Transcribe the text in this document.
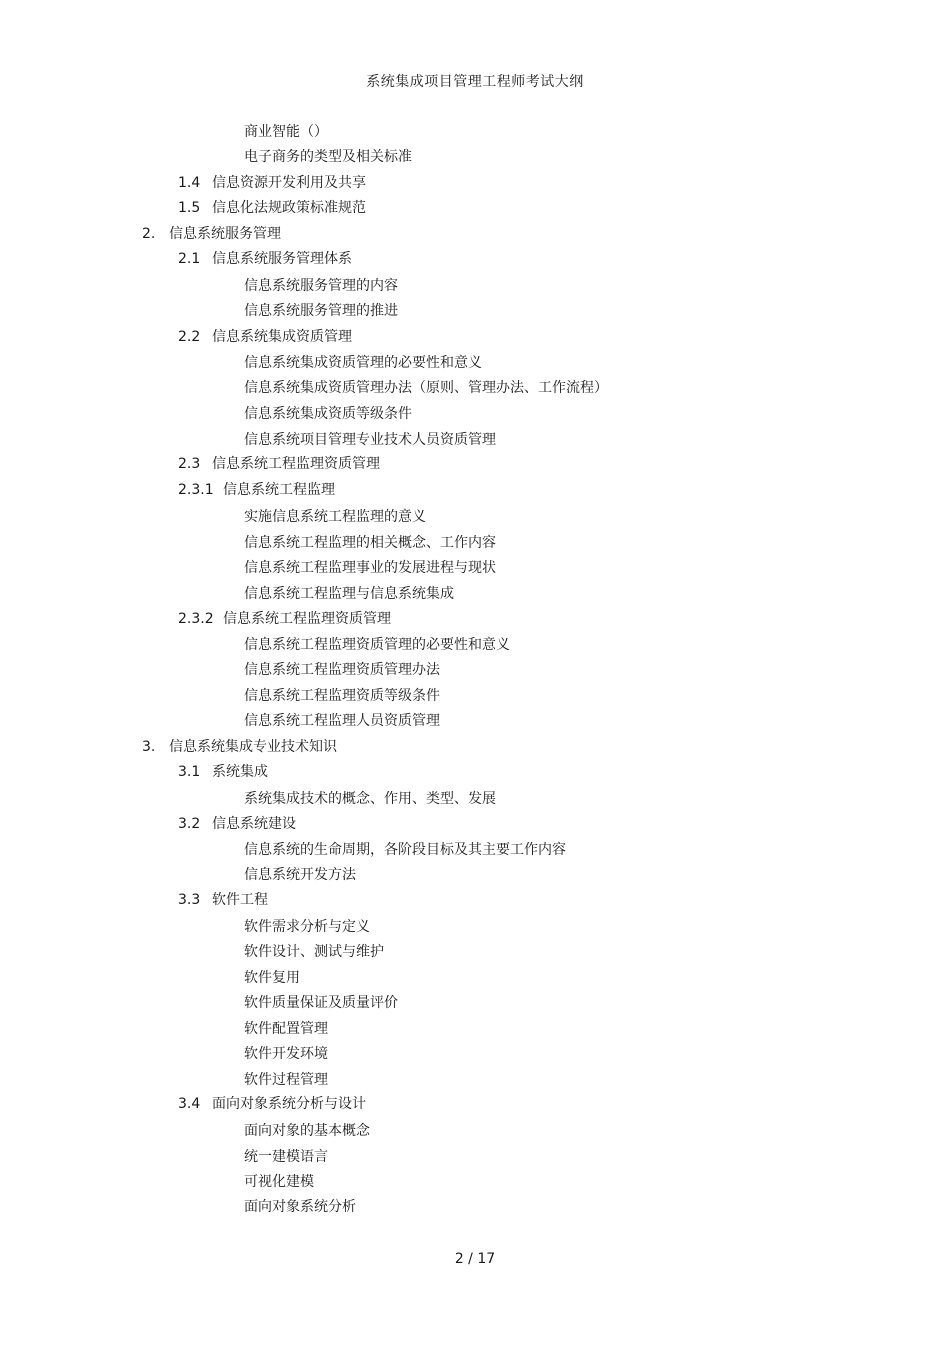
系统集成项目管理工程师考试大纲
商业智能（）
电子商务的类型及相关标准
1.4 信息资源开发利用及共享
1.5 信息化法规政策标准规范
2. 信息系统服务管理
2.1 信息系统服务管理体系
信息系统服务管理的内容
信息系统服务管理的推进
2.2 信息系统集成资质管理
信息系统集成资质管理的必要性和意义
信息系统集成资质管理办法（原则、管理办法、工作流程）
信息系统集成资质等级条件
信息系统项目管理专业技术人员资质管理
2.3 信息系统工程监理资质管理
2.3.1 信息系统工程监理
实施信息系统工程监理的意义
信息系统工程监理的相关概念、工作内容
信息系统工程监理事业的发展进程与现状
信息系统工程监理与信息系统集成
2.3.2 信息系统工程监理资质管理
信息系统工程监理资质管理的必要性和意义
信息系统工程监理资质管理办法
信息系统工程监理资质等级条件
信息系统工程监理人员资质管理
3. 信息系统集成专业技术知识
3.1 系统集成
系统集成技术的概念、作用、类型、发展
3.2 信息系统建设
信息系统的生命周期，各阶段目标及其主要工作内容
信息系统开发方法
3.3 软件工程
软件需求分析与定义
软件设计、测试与维护
软件复用
软件质量保证及质量评价
软件配置管理
软件开发环境
软件过程管理
3.4 面向对象系统分析与设计
面向对象的基本概念
统一建模语言
可视化建模
面向对象系统分析
2 / 17
